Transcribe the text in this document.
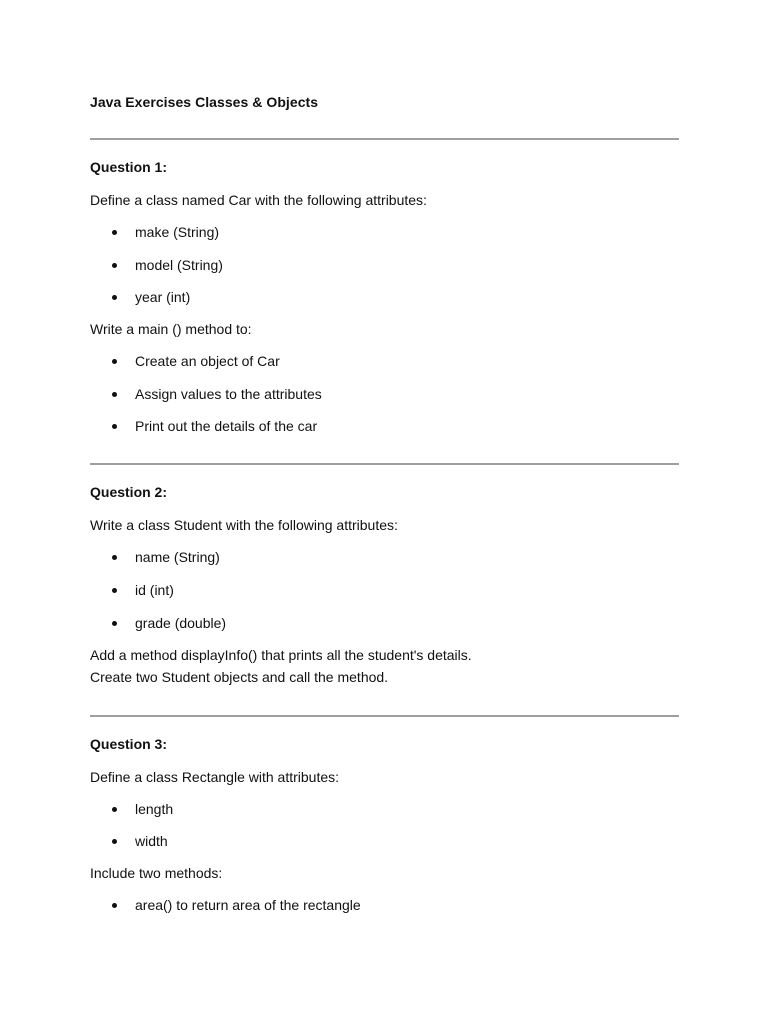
Java Exercises Classes & Objects

Question 1:

Define a class named Car with the following attributes:

make (String)
model (String)
year (int)

Write a main () method to:

Create an object of Car
Assign values to the attributes
Print out the details of the car

Question 2:

Write a class Student with the following attributes:

name (String)
id (int)
grade (double)
Add a method displayInfo() that prints all the student's details.
Create two Student objects and call the method.

Question 3:

Define a class Rectangle with attributes:

length
width

Include two methods:

area() to return area of the rectangle
